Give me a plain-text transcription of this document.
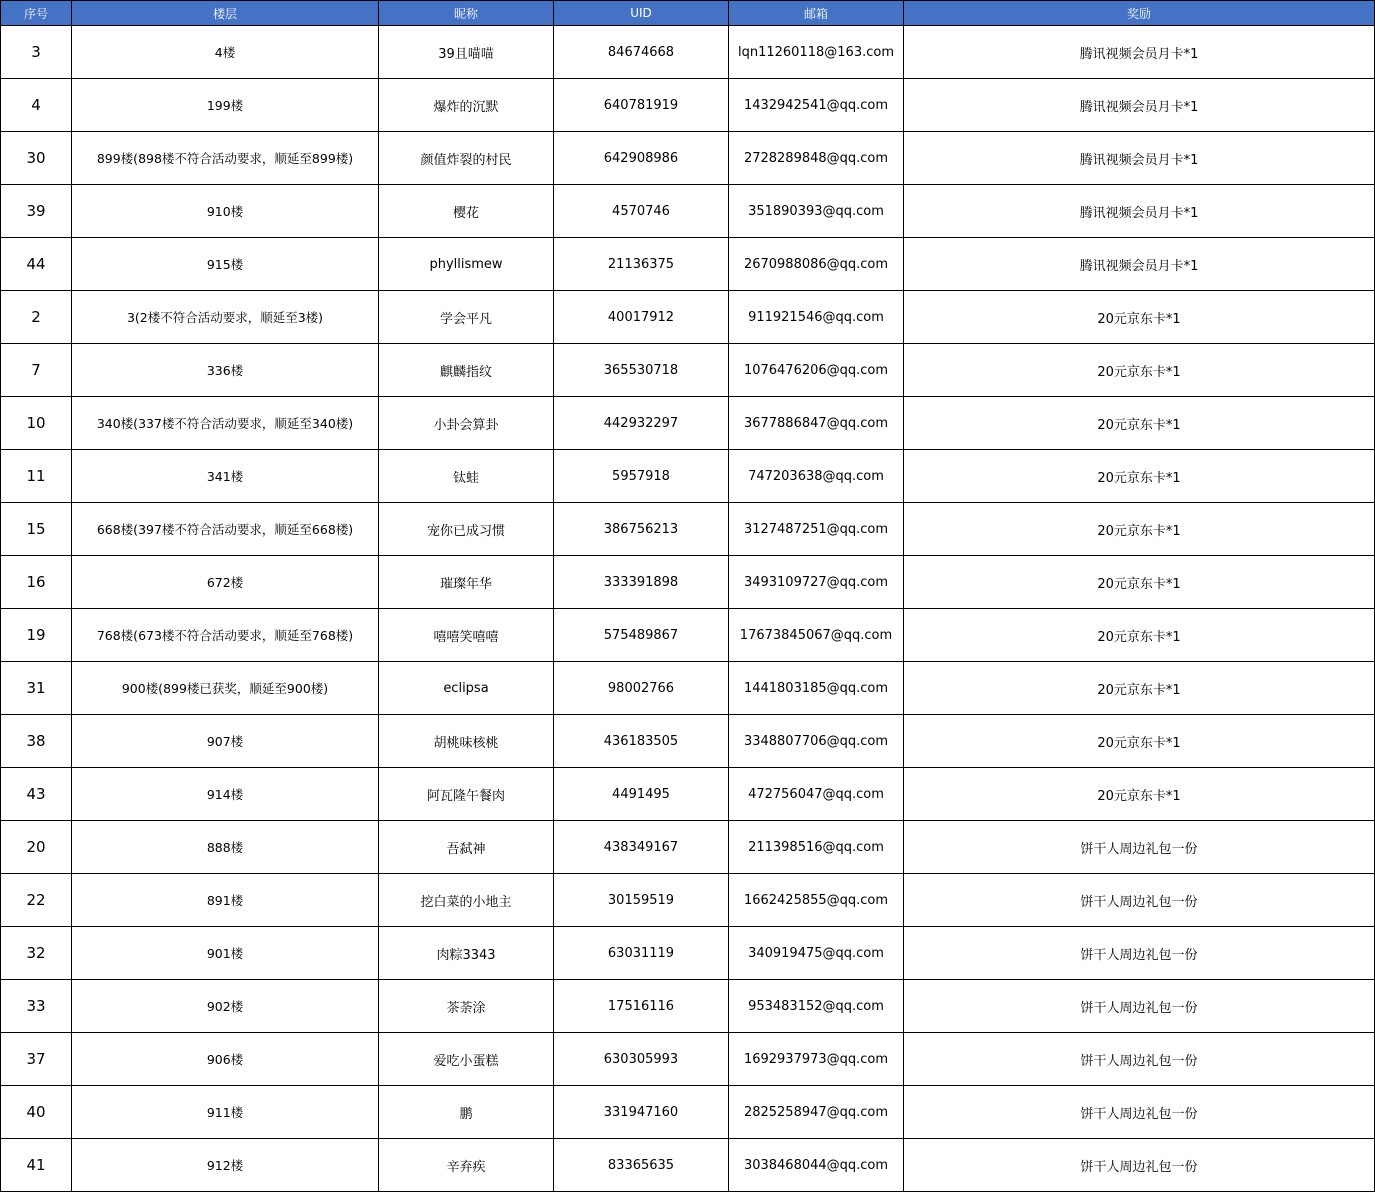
序号	楼层	昵称	UID	邮箱	奖励
3	4楼	39且喵喵	84674668	lqn11260118@163.com	腾讯视频会员月卡*1
4	199楼	爆炸的沉默	640781919	1432942541@qq.com	腾讯视频会员月卡*1
30	899楼(898楼不符合活动要求，顺延至899楼)	颜值炸裂的村民	642908986	2728289848@qq.com	腾讯视频会员月卡*1
39	910楼	樱花	4570746	351890393@qq.com	腾讯视频会员月卡*1
44	915楼	phyllismew	21136375	2670988086@qq.com	腾讯视频会员月卡*1
2	3(2楼不符合活动要求，顺延至3楼)	学会平凡	40017912	911921546@qq.com	20元京东卡*1
7	336楼	麒麟指纹	365530718	1076476206@qq.com	20元京东卡*1
10	340楼(337楼不符合活动要求，顺延至340楼)	小卦会算卦	442932297	3677886847@qq.com	20元京东卡*1
11	341楼	钛蛙	5957918	747203638@qq.com	20元京东卡*1
15	668楼(397楼不符合活动要求，顺延至668楼)	宠你已成习惯	386756213	3127487251@qq.com	20元京东卡*1
16	672楼	璀璨年华	333391898	3493109727@qq.com	20元京东卡*1
19	768楼(673楼不符合活动要求，顺延至768楼)	嘻嘻笑嘻嘻	575489867	17673845067@qq.com	20元京东卡*1
31	900楼(899楼已获奖，顺延至900楼)	eclipsa	98002766	1441803185@qq.com	20元京东卡*1
38	907楼	胡桃味核桃	436183505	3348807706@qq.com	20元京东卡*1
43	914楼	阿瓦隆午餐肉	4491495	472756047@qq.com	20元京东卡*1
20	888楼	吾弑神	438349167	211398516@qq.com	饼干人周边礼包一份
22	891楼	挖白菜的小地主	30159519	1662425855@qq.com	饼干人周边礼包一份
32	901楼	肉粽3343	63031119	340919475@qq.com	饼干人周边礼包一份
33	902楼	茶荼涂	17516116	953483152@qq.com	饼干人周边礼包一份
37	906楼	爱吃小蛋糕	630305993	1692937973@qq.com	饼干人周边礼包一份
40	911楼	鹏	331947160	2825258947@qq.com	饼干人周边礼包一份
41	912楼	辛弃疾	83365635	3038468044@qq.com	饼干人周边礼包一份
